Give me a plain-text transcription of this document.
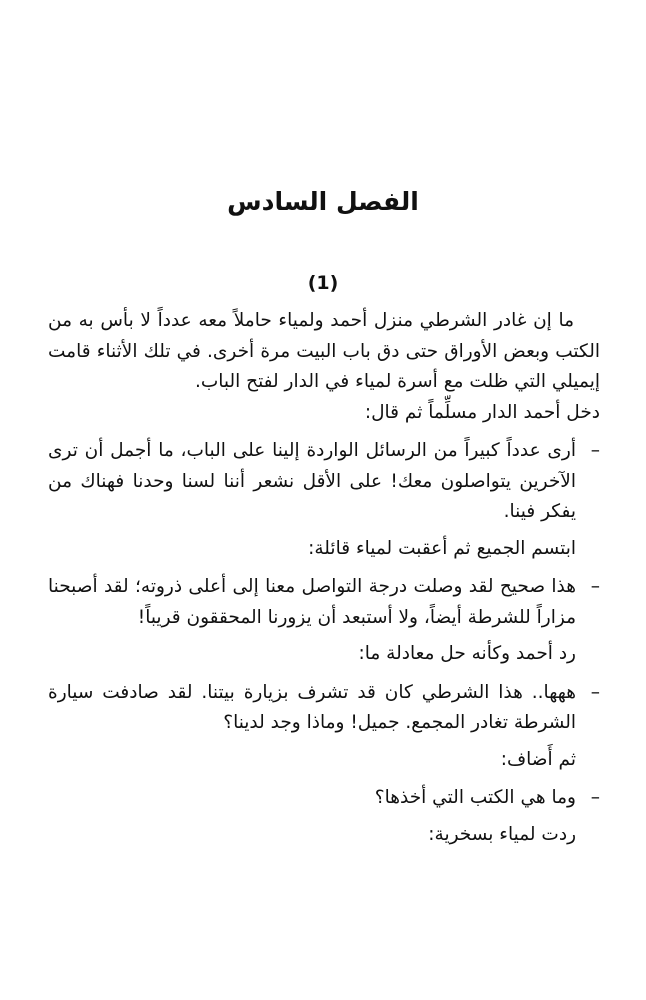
الفصل السادس
(1)

ما إن غادر الشرطي منزل أحمد ولمياء حاملاً معه عدداً لا بأس به من الكتب وبعض الأوراق حتى دق باب البيت مرة أخرى. في تلك الأثناء قامت إيميلي التي ظلت مع أسرة لمياء في الدار لفتح الباب.

دخل أحمد الدار مسلِّماً ثم قال:

–
أرى عدداً كبيراً من الرسائل الواردة إلينا على الباب، ما أجمل أن ترى الآخرين يتواصلون معك! على الأقل نشعر أننا لسنا وحدنا فهناك من يفكر فينا.

ابتسم الجميع ثم أعقبت لمياء قائلة:

–
هذا صحيح لقد وصلت درجة التواصل معنا إلى أعلى ذروته؛ لقد أصبحنا مزاراً للشرطة أيضاً، ولا أستبعد أن يزورنا المحققون قريباً!

رد أحمد وكأنه حل معادلة ما:

–
ههها.. هذا الشرطي كان قد تشرف بزيارة بيتنا. لقد صادفت سيارة الشرطة تغادر المجمع. جميل! وماذا وجد لدينا؟

ثم أَضاف:

–
وما هي الكتب التي أخذها؟

ردت لمياء بسخرية:
